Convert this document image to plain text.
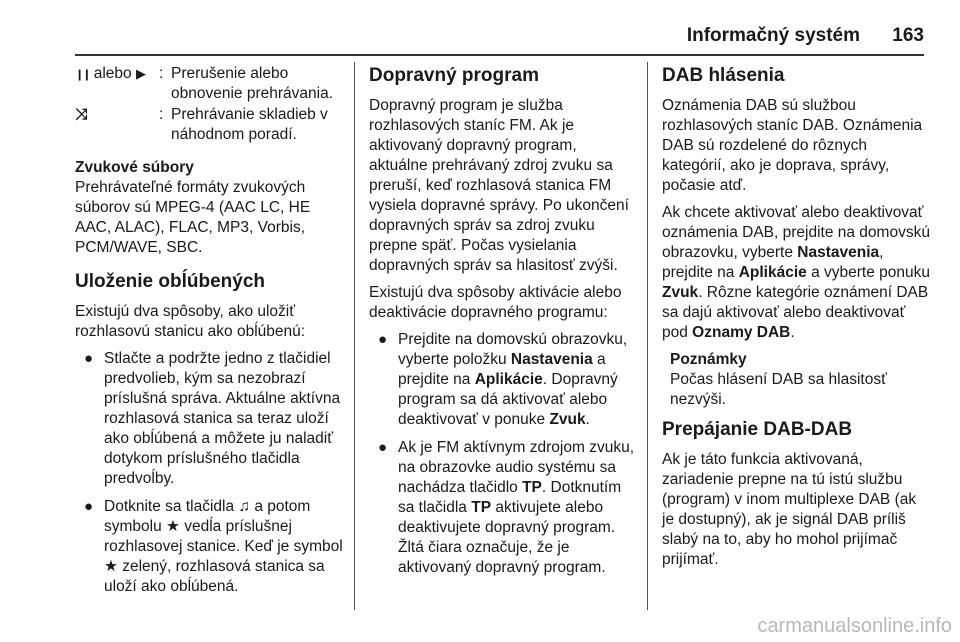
Informačný systém 163
❙❙ alebo ▶ : Prerušenie alebo obnovenie prehrávania.
⤨	: Prehrávanie skladieb v náhodnom poradí.
Zvukové súbory
Prehrávateľné formáty zvukových súborov sú MPEG-4 (AAC LC, HE AAC, ALAC), FLAC, MP3, Vorbis, PCM/WAVE, SBC.
Uloženie obĺúbených
Existujú dva spôsoby, ako uložiť rozhlasovú stanicu ako obĺúbenú:
● Stlačte a podržte jedno z tlačidiel predvolieb, kým sa nezobrazí príslušná správa. Aktuálne aktívna rozhlasová stanica sa teraz uloží ako obĺúbená a môžete ju naladiť dotykom príslušného tlačidla predvoĺby.
● Dotknite sa tlačidla ♫ a potom symbolu ★ vedĺa príslušnej rozhlasovej stanice. Keď je symbol ★ zelený, rozhlasová stanica sa uloží ako obĺúbená.
Dopravný program
Dopravný program je služba rozhlasových staníc FM. Ak je aktivovaný dopravný program, aktuálne prehrávaný zdroj zvuku sa preruší, keď rozhlasová stanica FM vysiela dopravné správy. Po ukončení dopravných správ sa zdroj zvuku prepne späť. Počas vysielania dopravných správ sa hlasitosť zvýši.
Existujú dva spôsoby aktivácie alebo deaktivácie dopravného programu:
● Prejdite na domovskú obrazovku, vyberte položku Nastavenia a prejdite na Aplikácie. Dopravný program sa dá aktivovať alebo deaktivovať v ponuke Zvuk.
● Ak je FM aktívnym zdrojom zvuku, na obrazovke audio systému sa nachádza tlačidlo TP. Dotknutím sa tlačidla TP aktivujete alebo deaktivujete dopravný program. Žltá čiara označuje, že je aktivovaný dopravný program.
DAB hlásenia
Oznámenia DAB sú službou rozhlasových staníc DAB. Oznámenia DAB sú rozdelené do rôznych kategórií, ako je doprava, správy, počasie atď.
Ak chcete aktivovať alebo deaktivovať oznámenia DAB, prejdite na domovskú obrazovku, vyberte Nastavenia, prejdite na Aplikácie a vyberte ponuku Zvuk. Rôzne kategórie oznámení DAB sa dajú aktivovať alebo deaktivovať pod Oznamy DAB.
Poznámky
Počas hlásení DAB sa hlasitosť nezvýši.
Prepájanie DAB-DAB
Ak je táto funkcia aktivovaná, zariadenie prepne na tú istú službu (program) v inom multiplexe DAB (ak je dostupný), ak je signál DAB príliš slabý na to, aby ho mohol prijímač prijímať.
carmanualsonline.info
